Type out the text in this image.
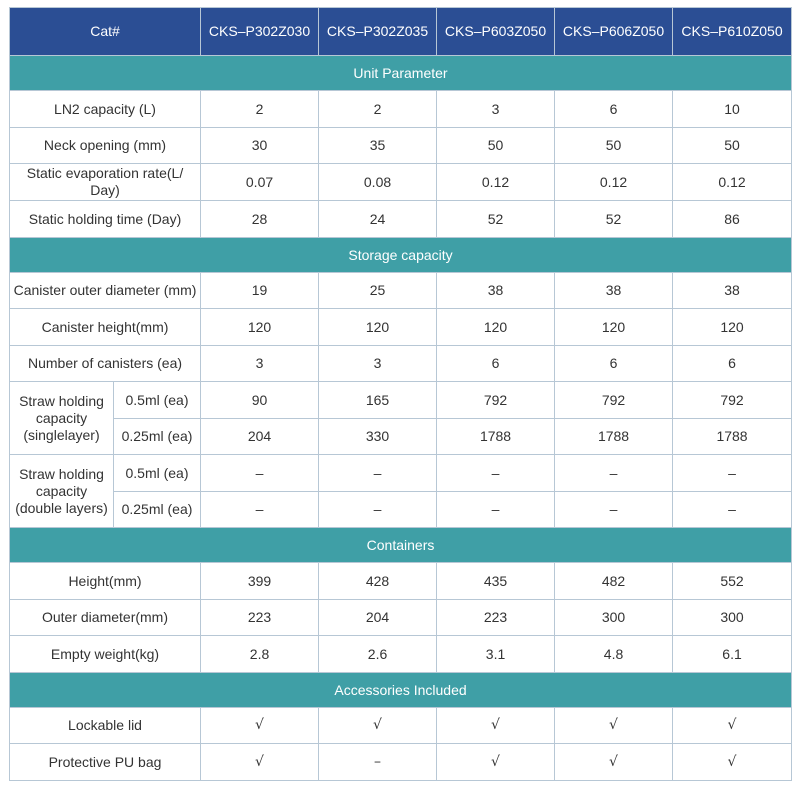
Cat#		CKS–P302Z030	CKS–P302Z035	CKS–P603Z050	CKS–P606Z050	CKS–P610Z050
Unit Parameter						
LN2 capacity (L)		2	2	3	6	10
Neck opening (mm)		30	35	50	50	50
Static evaporation rate(L/ Day)		0.07	0.08	0.12	0.12	0.12
Static holding time (Day)		28	24	52	52	86
Storage capacity						
Canister outer diameter (mm)		19	25	38	38	38
Canister height(mm)		120	120	120	120	120
Number of canisters (ea)		3	3	6	6	6
Straw holding capacity (singlelayer)	0.5ml (ea)	90	165	792	792	792
	0.25ml (ea)	204	330	1788	1788	1788
Straw holding capacity (double layers)	0.5ml (ea)	–	–	–	–	–
	0.25ml (ea)	–	–	–	–	–
Containers						
Height(mm)		399	428	435	482	552
Outer diameter(mm)		223	204	223	300	300
Empty weight(kg)		2.8	2.6	3.1	4.8	6.1
Accessories Included						
Lockable lid		√	√	√	√	√
Protective PU bag		√	–	√	√	√
